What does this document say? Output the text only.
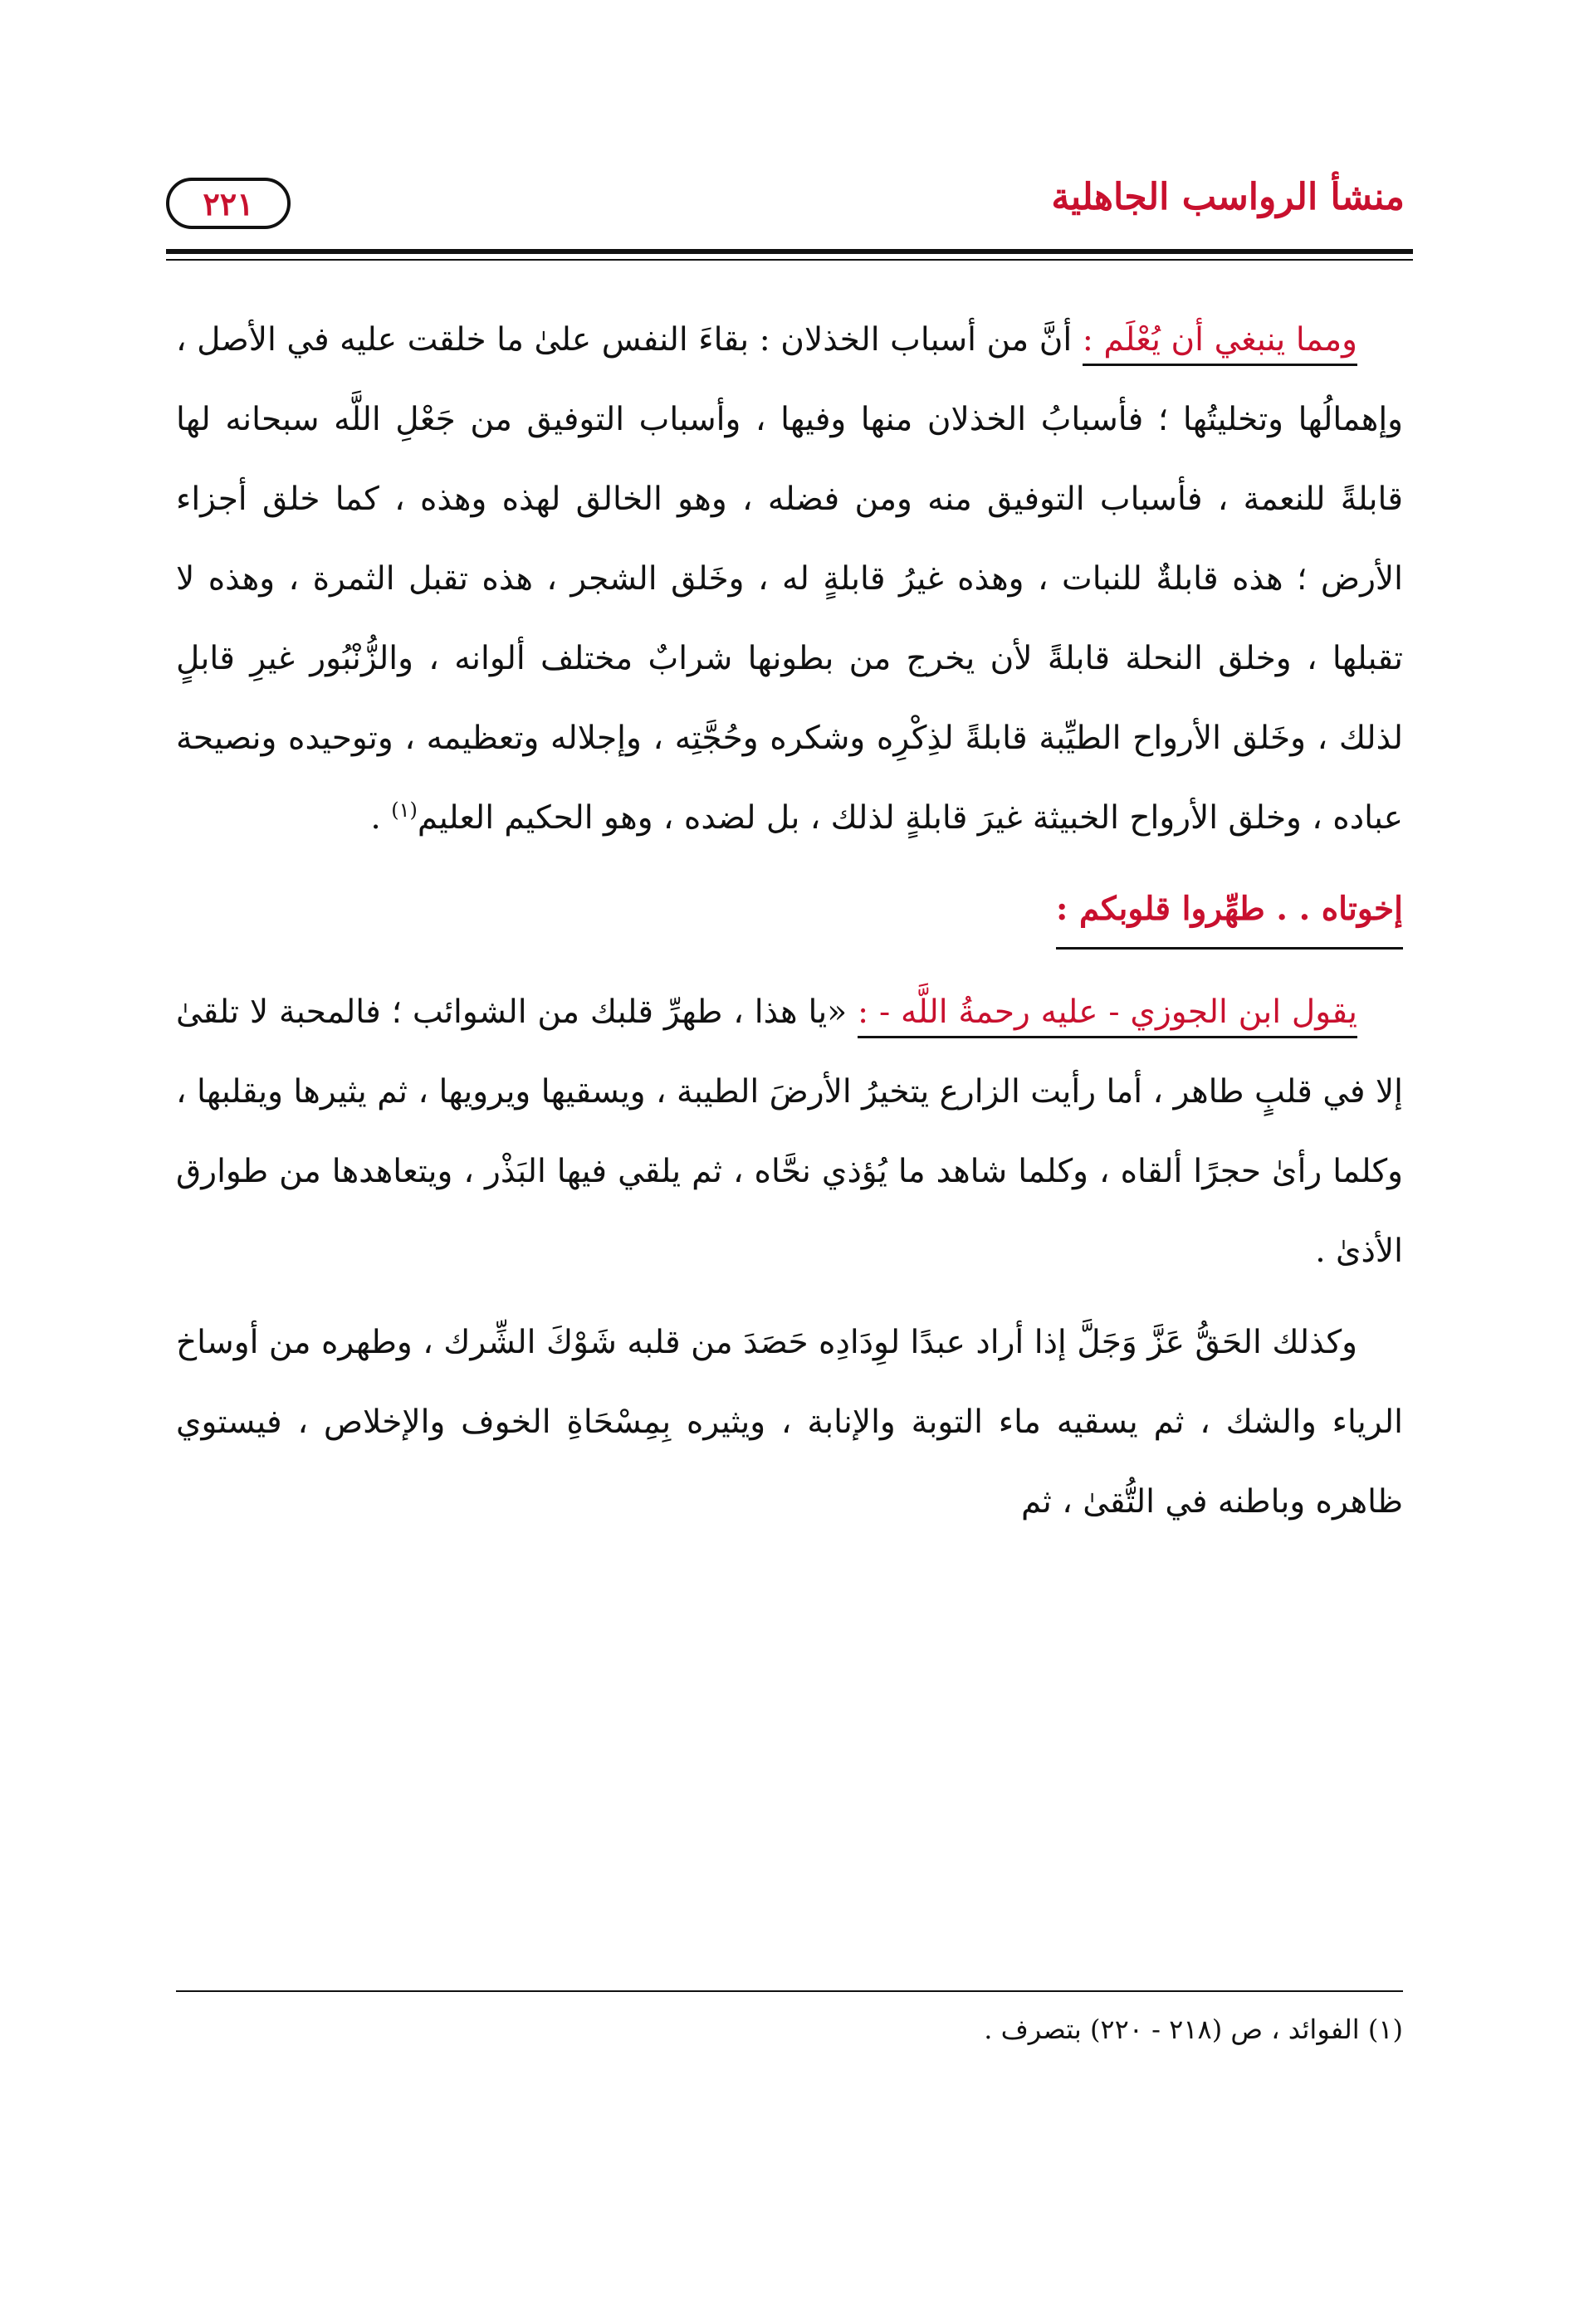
منشأ الرواسب الجاهلية
٢٢١

ومما ينبغي أن يُعْلَم : أنَّ من أسباب الخذلان : بقاءَ النفس علىٰ ما خلقت عليه في الأصل ، وإهمالُها وتخليتُها ؛ فأسبابُ الخذلان منها وفيها ، وأسباب التوفيق من جَعْلِ اللَّه سبحانه لها قابلةً للنعمة ، فأسباب التوفيق منه ومن فضله ، وهو الخالق لهذه وهذه ، كما خلق أجزاء الأرض ؛ هذه قابلةٌ للنبات ، وهذه غيرُ قابلةٍ له ، وخَلق الشجر ، هذه تقبل الثمرة ، وهذه لا تقبلها ، وخلق النحلة قابلةً لأن يخرج من بطونها شرابٌ مختلف ألوانه ، والزُّنْبُور غيرِ قابلٍ لذلك ، وخَلق الأرواح الطيِّبة قابلةً لذِكْرِه وشكره وحُجَّتِه ، وإجلاله وتعظيمه ، وتوحيده ونصيحة عباده ، وخلق الأرواح الخبيثة غيرَ قابلةٍ لذلك ، بل لضده ، وهو الحكيم العليم$^{(١)}$ .

إخوتاه . . طهِّروا قلوبكم :

يقول ابن الجوزي - عليه رحمةُ اللَّه - : «يا هذا ، طهرِّ قلبك من الشوائب ؛ فالمحبة لا تلقىٰ إلا في قلبٍ طاهر ، أما رأيت الزارع يتخيرُ الأرضَ الطيبة ، ويسقيها ويرويها ، ثم يثيرها ويقلبها ، وكلما رأىٰ حجرًا ألقاه ، وكلما شاهد ما يُؤذي نحَّاه ، ثم يلقي فيها البَذْر ، ويتعاهدها من طوارق الأذىٰ .

وكذلك الحَقُّ عَزَّ وَجَلَّ إذا أراد عبدًا لوِدَادِه حَصَدَ من قلبه شَوْكَ الشِّرك ، وطهره من أوساخ الرياء والشك ، ثم يسقيه ماء التوبة والإنابة ، ويثيره بِمِسْحَاةِ الخوف والإخلاص ، فيستوي ظاهره وباطنه في التُّقىٰ ، ثم

(١) الفوائد ، ص (٢١٨ - ٢٢٠) بتصرف .
